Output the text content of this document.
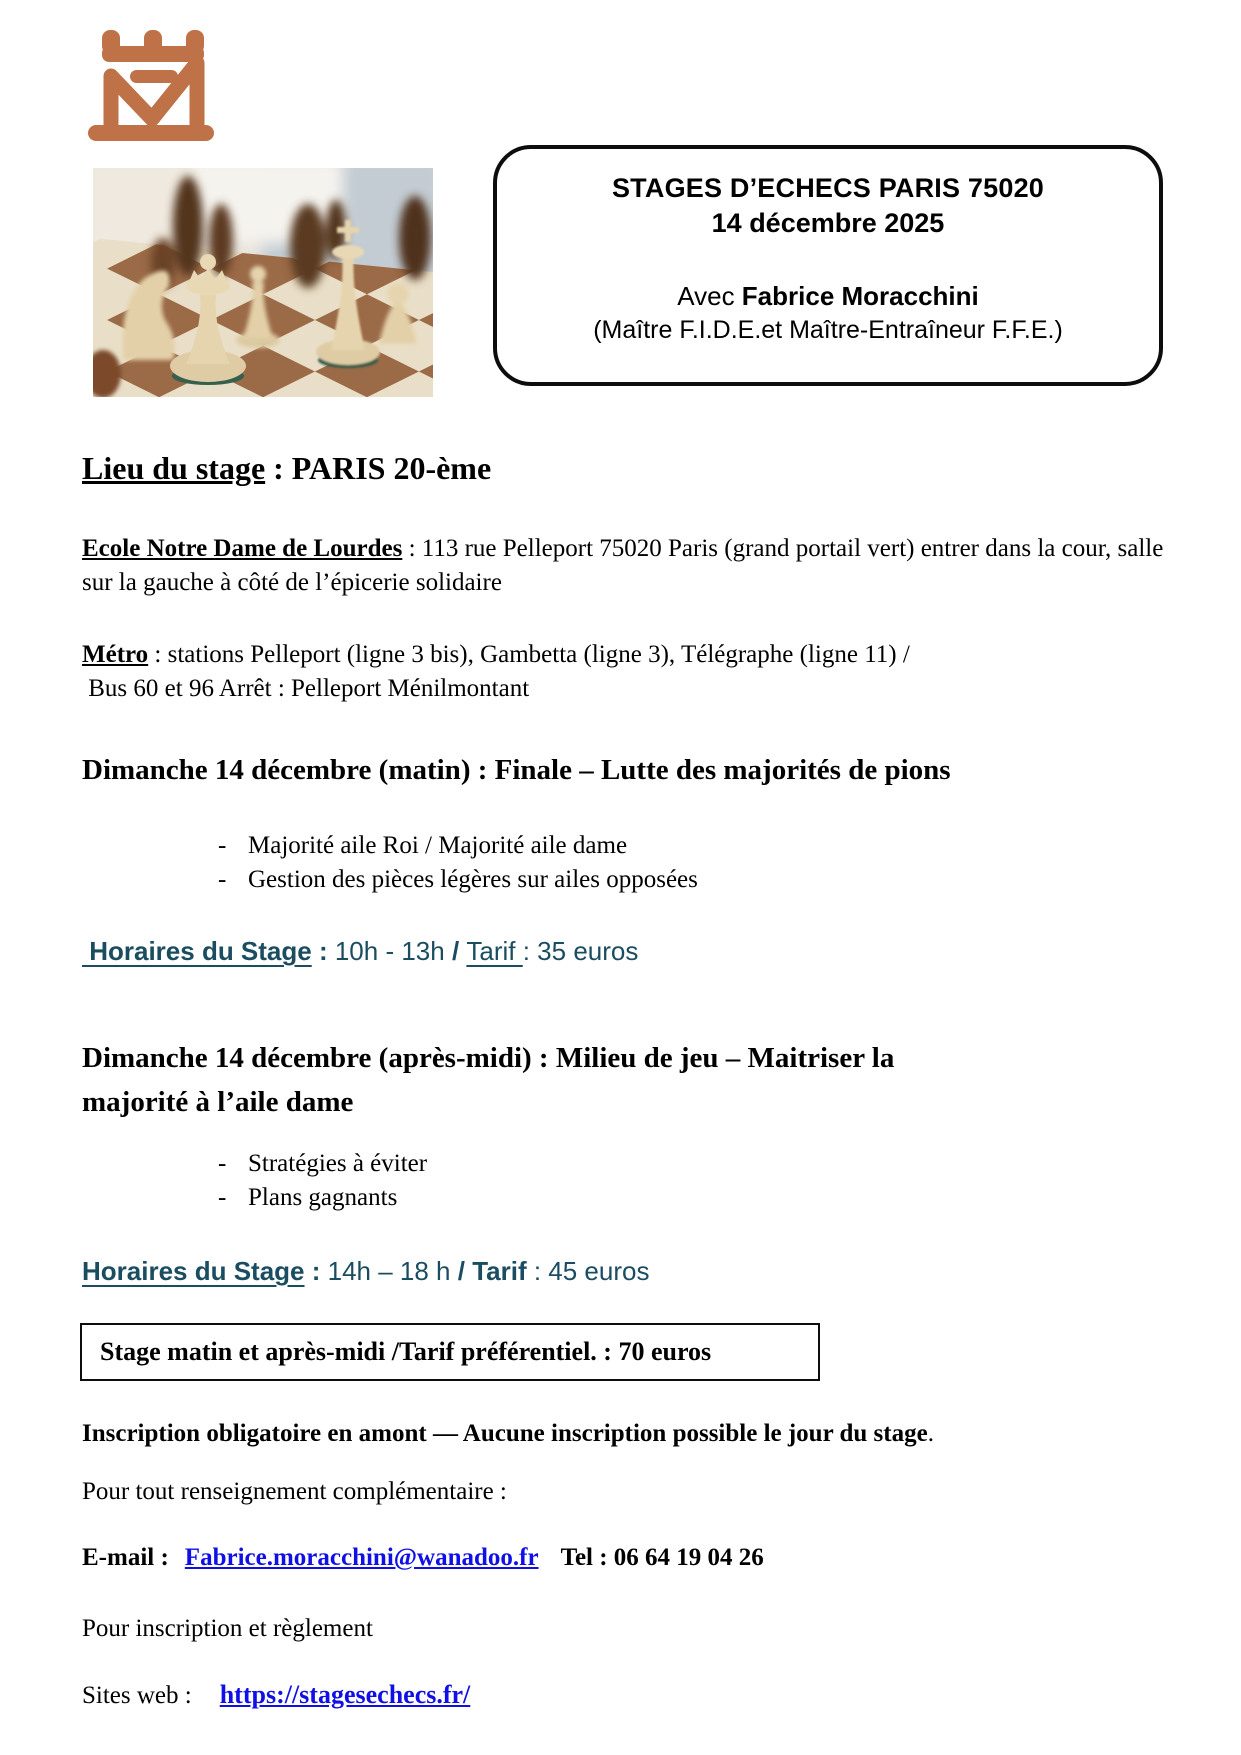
STAGES D’ECHECS PARIS 75020
14 décembre 2025
Avec Fabrice Moracchini
(Maître F.I.D.E.et Maître-Entraîneur F.F.E.)
Lieu du stage : PARIS 20-ème
Ecole Notre Dame de Lourdes : 113 rue Pelleport 75020 Paris (grand portail vert) entrer dans la cour, salle sur la gauche à côté de l’épicerie solidaire
Métro : stations Pelleport (ligne 3 bis), Gambetta (ligne 3), Télégraphe (ligne 11) /
Bus 60 et 96 Arrêt : Pelleport Ménilmontant
Dimanche 14 décembre (matin) : Finale – Lutte des majorités de pions
- Majorité aile Roi / Majorité aile dame
- Gestion des pièces légères sur ailes opposées
Horaires du Stage : 10h - 13h / Tarif : 35 euros
Dimanche 14 décembre (après-midi) : Milieu de jeu – Maitriser la
majorité à l’aile dame
- Stratégies à éviter
- Plans gagnants
Horaires du Stage : 14h – 18 h / Tarif : 45 euros
Stage matin et après-midi /Tarif préférentiel. : 70 euros
Inscription obligatoire en amont — Aucune inscription possible le jour du stage.
Pour tout renseignement complémentaire :
E-mail : Fabrice.moracchini@wanadoo.fr Tel : 06 64 19 04 26
Pour inscription et règlement
Sites web : https://stagesechecs.fr/
